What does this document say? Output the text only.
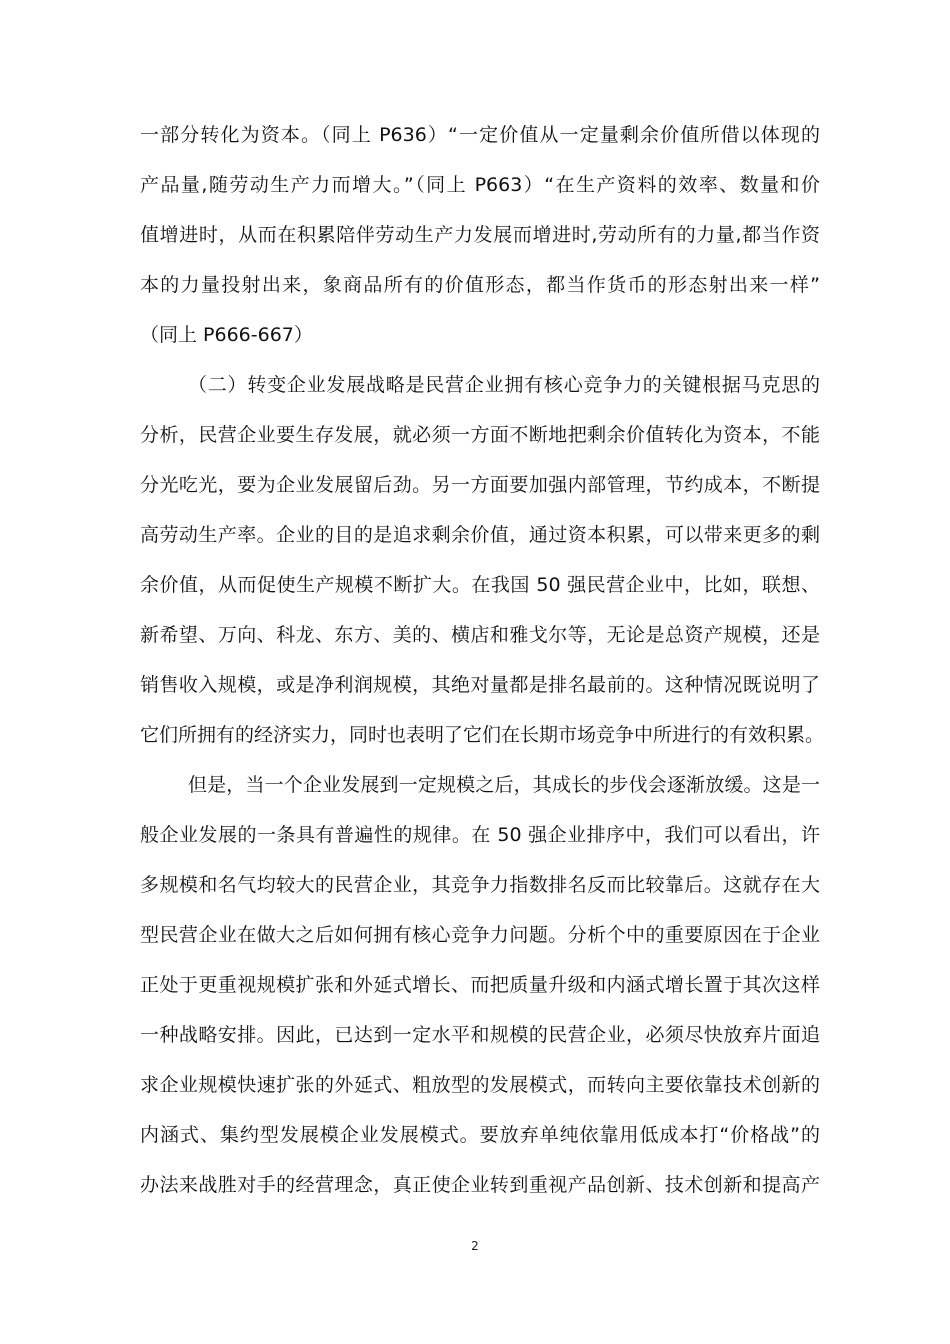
一部分转化为资本。（同上 P636）“一定价值从一定量剩余价值所借以体现的
产品量,随劳动生产力而增大。”（同上 P663）“在生产资料的效率、数量和价
值增进时，从而在积累陪伴劳动生产力发展而增进时,劳动所有的力量,都当作资
本的力量投射出来，象商品所有的价值形态，都当作货币的形态射出来一样”
（同上 P666-667）
（二）转变企业发展战略是民营企业拥有核心竞争力的关键根据马克思的
分析，民营企业要生存发展，就必须一方面不断地把剩余价值转化为资本，不能
分光吃光，要为企业发展留后劲。另一方面要加强内部管理，节约成本，不断提
高劳动生产率。企业的目的是追求剩余价值，通过资本积累，可以带来更多的剩
余价值，从而促使生产规模不断扩大。在我国 50 强民营企业中，比如，联想、
新希望、万向、科龙、东方、美的、横店和雅戈尔等，无论是总资产规模，还是
销售收入规模，或是净利润规模，其绝对量都是排名最前的。这种情况既说明了
它们所拥有的经济实力，同时也表明了它们在长期市场竞争中所进行的有效积累。
但是，当一个企业发展到一定规模之后，其成长的步伐会逐渐放缓。这是一
般企业发展的一条具有普遍性的规律。在 50 强企业排序中，我们可以看出，许
多规模和名气均较大的民营企业，其竞争力指数排名反而比较靠后。这就存在大
型民营企业在做大之后如何拥有核心竞争力问题。分析个中的重要原因在于企业
正处于更重视规模扩张和外延式增长、而把质量升级和内涵式增长置于其次这样
一种战略安排。因此，已达到一定水平和规模的民营企业，必须尽快放弃片面追
求企业规模快速扩张的外延式、粗放型的发展模式，而转向主要依靠技术创新的
内涵式、集约型发展模企业发展模式。要放弃单纯依靠用低成本打“价格战”的
办法来战胜对手的经营理念，真正使企业转到重视产品创新、技术创新和提高产
2
